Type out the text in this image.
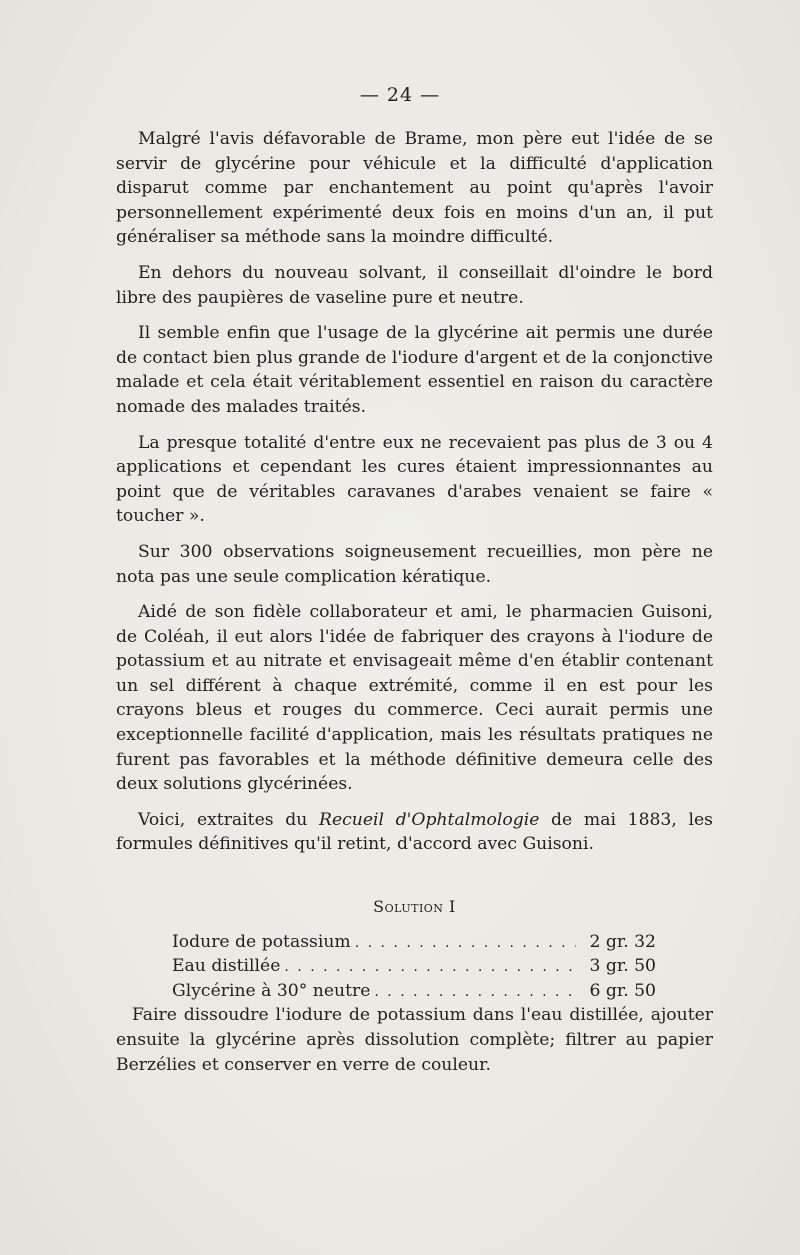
— 24 —

Malgré l'avis défavorable de Brame, mon père eut l'idée de se servir de glycérine pour véhicule et la difficulté d'application disparut comme par enchantement au point qu'après l'avoir personnellement expérimenté deux fois en moins d'un an, il put généraliser sa méthode sans la moindre difficulté.

En dehors du nouveau solvant, il conseillait dl'oindre le bord libre des paupières de vaseline pure et neutre.

Il semble enfin que l'usage de la glycérine ait permis une durée de contact bien plus grande de l'iodure d'argent et de la conjonctive malade et cela était véritablement essentiel en raison du caractère nomade des malades traités.

La presque totalité d'entre eux ne recevaient pas plus de 3 ou 4 applications et cependant les cures étaient impressionnantes au point que de véritables caravanes d'arabes venaient se faire « toucher ».

Sur 300 observations soigneusement recueillies, mon père ne nota pas une seule complication kératique.

Aidé de son fidèle collaborateur et ami, le pharmacien Guisoni, de Coléah, il eut alors l'idée de fabriquer des crayons à l'iodure de potassium et au nitrate et envisageait même d'en établir contenant un sel différent à chaque extrémité, comme il en est pour les crayons bleus et rouges du commerce. Ceci aurait permis une exceptionnelle facilité d'application, mais les résultats pratiques ne furent pas favorables et la méthode définitive demeura celle des deux solutions glycérinées.

Voici, extraites du Recueil d'Ophtalmologie de mai 1883, les formules définitives qu'il retint, d'accord avec Guisoni.

Solution I
Iodure de potassium . . .	2 gr. 32
Eau distillée . . .	3 gr. 50
Glycérine à 30° neutre . . .	6 gr. 50

Faire dissoudre l'iodure de potassium dans l'eau distillée, ajouter ensuite la glycérine après dissolution complète; filtrer au papier Berzélies et conserver en verre de couleur.
